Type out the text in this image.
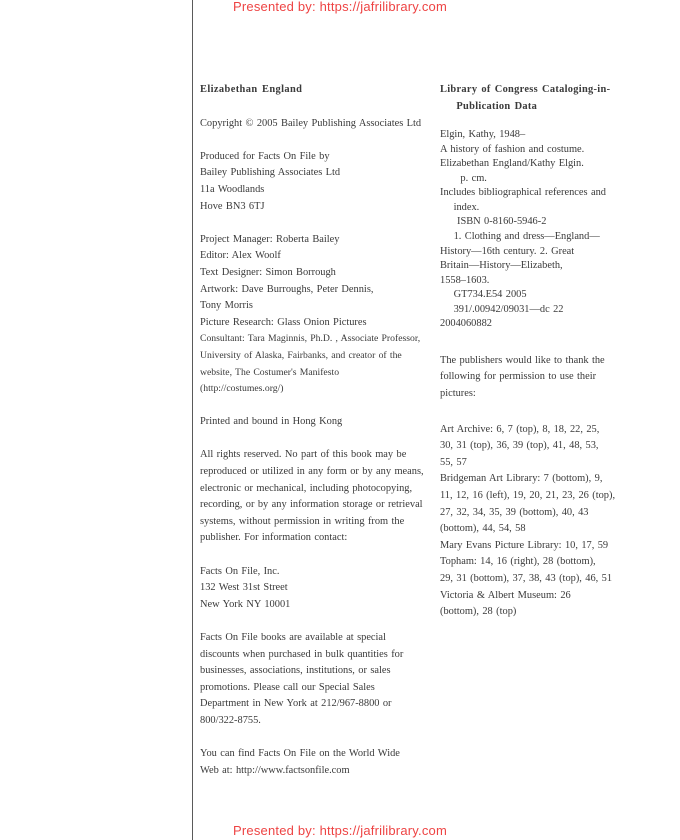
Presented by: https://jafrilibrary.com
Elizabethan England
Copyright © 2005 Bailey Publishing Associates Ltd
Produced for Facts On File by
Bailey Publishing Associates Ltd
11a Woodlands
Hove BN3 6TJ
Project Manager: Roberta Bailey
Editor: Alex Woolf
Text Designer: Simon Borrough
Artwork: Dave Burroughs, Peter Dennis,
Tony Morris
Picture Research: Glass Onion Pictures
Consultant: Tara Maginnis, Ph.D. , Associate Professor,
University of Alaska, Fairbanks, and creator of the
website, The Costumer's Manifesto
(http://costumes.org/)
Printed and bound in Hong Kong
All rights reserved. No part of this book may be
reproduced or utilized in any form or by any means,
electronic or mechanical, including photocopying,
recording, or by any information storage or retrieval
systems, without permission in writing from the
publisher. For information contact:
Facts On File, Inc.
132 West 31st Street
New York NY 10001
Facts On File books are available at special
discounts when purchased in bulk quantities for
businesses, associations, institutions, or sales
promotions. Please call our Special Sales
Department in New York at 212/967-8800 or
800/322-8755.
You can find Facts On File on the World Wide
Web at: http://www.factsonfile.com
Library of Congress Cataloging-in-
Publication Data
Elgin, Kathy, 1948–
A history of fashion and costume.
Elizabethan England/Kathy Elgin.
p. cm.
Includes bibliographical references and
index.
ISBN 0-8160-5946-2
1. Clothing and dress—England—
History—16th century. 2. Great
Britain—History—Elizabeth,
1558–1603.
GT734.E54 2005
391/.00942/09031—dc 22
2004060882
The publishers would like to thank the
following for permission to use their
pictures:
Art Archive: 6, 7 (top), 8, 18, 22, 25,
30, 31 (top), 36, 39 (top), 41, 48, 53,
55, 57
Bridgeman Art Library: 7 (bottom), 9,
11, 12, 16 (left), 19, 20, 21, 23, 26 (top),
27, 32, 34, 35, 39 (bottom), 40, 43
(bottom), 44, 54, 58
Mary Evans Picture Library: 10, 17, 59
Topham: 14, 16 (right), 28 (bottom),
29, 31 (bottom), 37, 38, 43 (top), 46, 51
Victoria & Albert Museum: 26
(bottom), 28 (top)
Presented by: https://jafrilibrary.com
